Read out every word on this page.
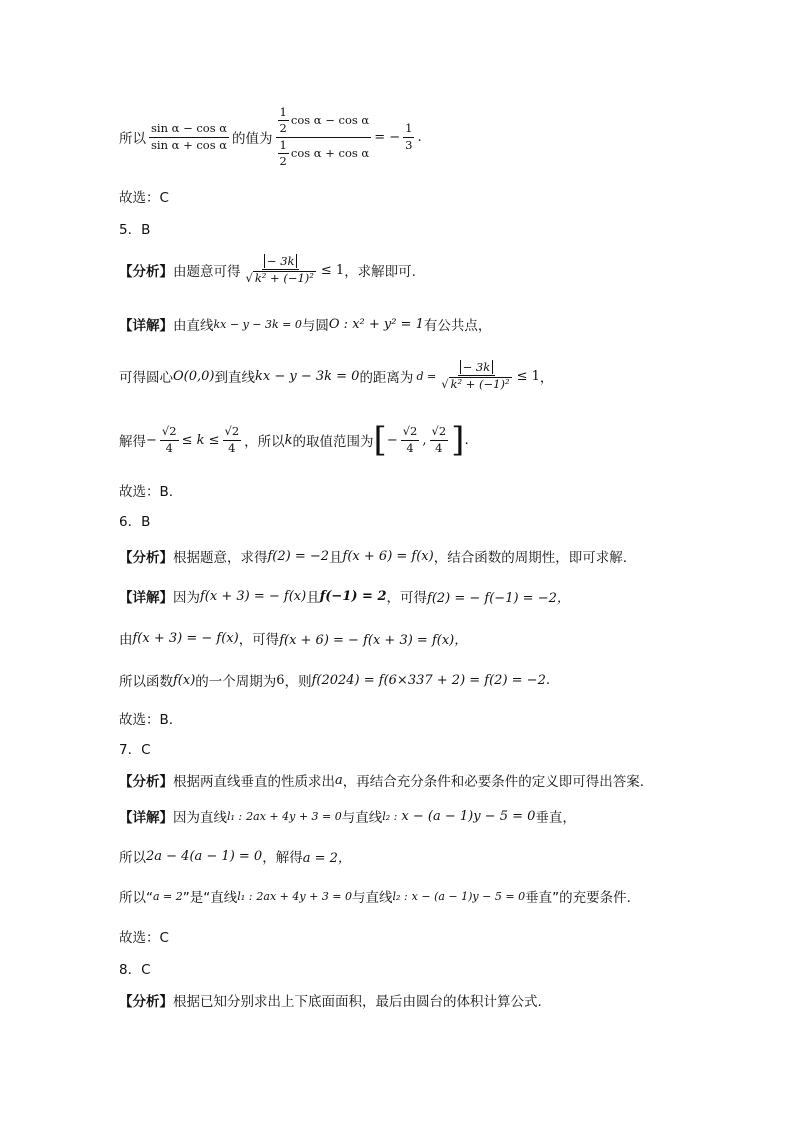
所以 $\frac{\text{sin α − cos α}}{\text{sin α + cos α}}$ 的值为 $\frac{\frac{1}{2} \cos \alpha - \cos \alpha}{\frac{1}{2} \cos \alpha + \cos \alpha}$ = − $\frac{1}{3}$ .
故选：C
5．B
【分析】 由题意可得 $\frac{- 3k}{\text{√ k² + (−1)²}} \le 1$ ，求解即可.
【详解】 由直线 kx − y − 3k = 0 与圆 O : x² + y² = 1 有公共点，
可得圆心 O(0,0) 到直线 kx − y − 3k = 0 的距离为 $d = \frac{- 3k}{\text{√ k² + (−1)²}} \le 1$ ，
解得 − $\frac{√2}{4} \le k \le \frac{√2}{4}$ ，所以 k 的取值范围为 [ − $\frac{√2}{4}$ , $\frac{√2}{4}$ ] .
故选：B.
6．B
【分析】 根据题意，求得 f(2) = −2 且 f(x + 6) = f(x) ，结合函数的周期性，即可求解.
【详解】 因为 f(x + 3) = − f(x) 且 f(−1) = 2 ，可得 f(2) = − f(−1) = −2，
由 f(x + 3) = − f(x) ，可得 f(x + 6) = − f(x + 3) = f(x)，
所以函数 f(x) 的一个周期为 6 ，则 f(2024) = f(6×337 + 2) = f(2) = −2.
故选：B.
7．C
【分析】 根据两直线垂直的性质求出 a ，再结合充分条件和必要条件的定义即可得出答案.
【详解】 因为直线 l₁ : 2ax + 4y + 3 = 0 与直线 l₂ : x − (a − 1)y − 5 = 0 垂直，
所以 2a − 4(a − 1) = 0 ，解得 a = 2，
所以“ a = 2 ”是“直线 l₁ : 2ax + 4y + 3 = 0 与直线 l₂ : x − (a − 1)y − 5 = 0 垂直”的充要条件.
故选：C
8．C
【分析】 根据已知分别求出上下底面面积，最后由圆台的体积计算公式.
